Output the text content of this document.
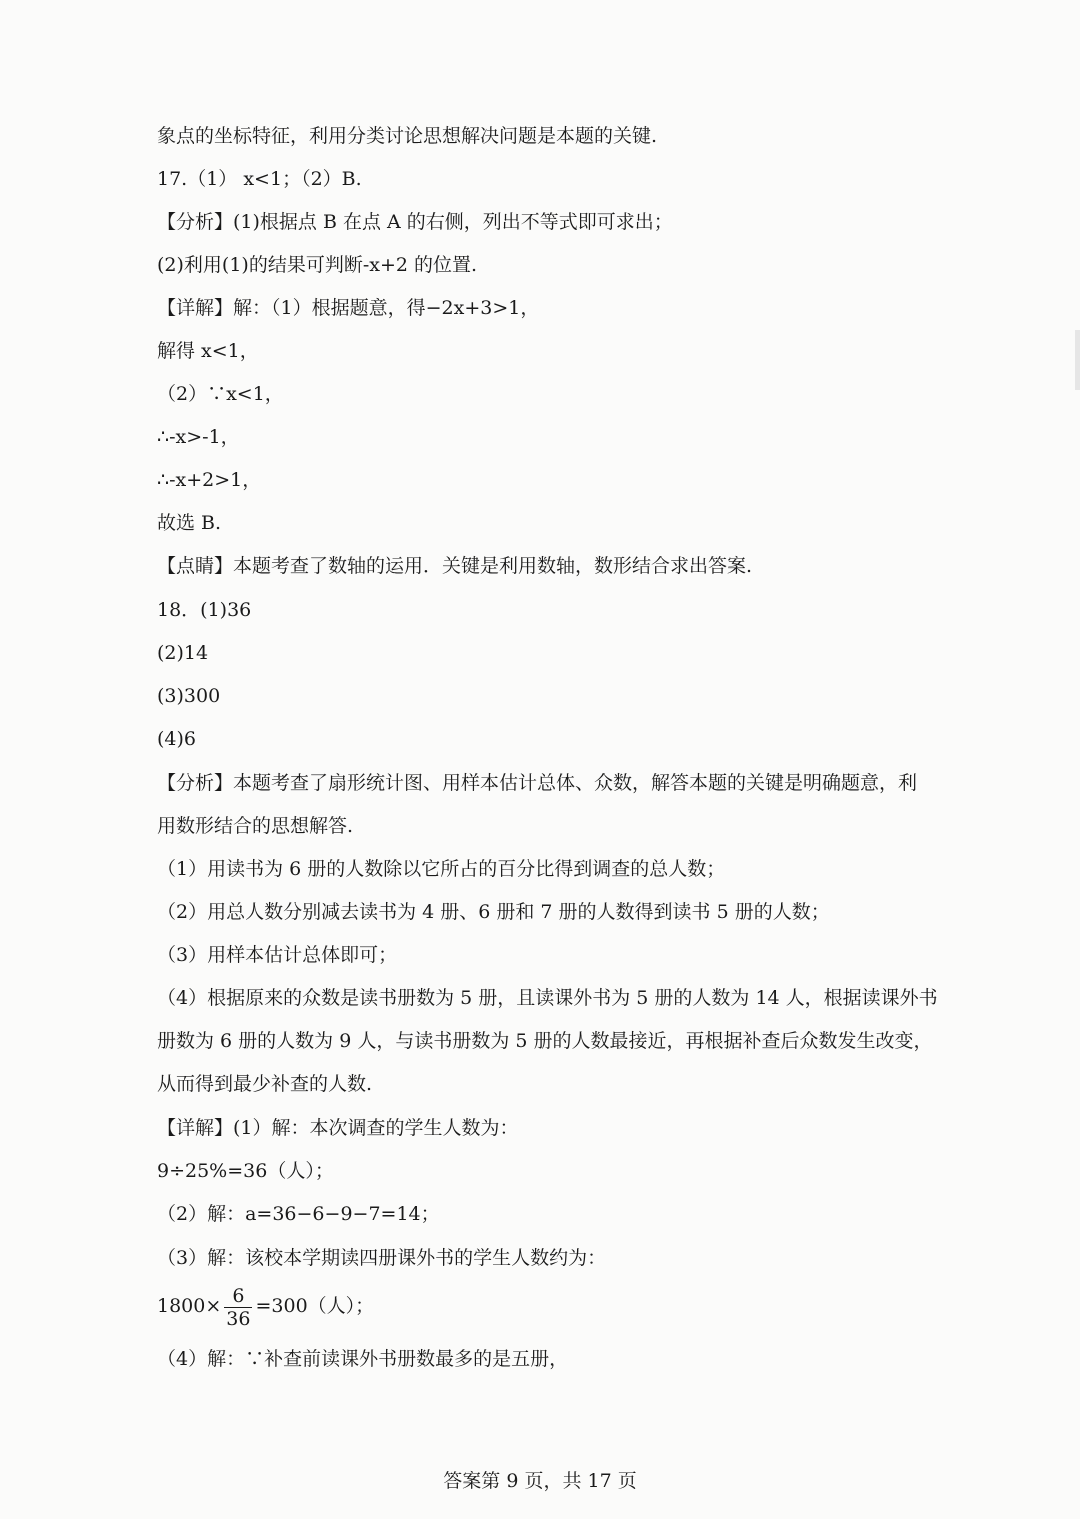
象点的坐标特征，利用分类讨论思想解决问题是本题的关键.
17.（1） x<1；（2）B.
【分析】(1)根据点 B 在点 A 的右侧，列出不等式即可求出；
(2)利用(1)的结果可判断-x+2 的位置.
【详解】解：（1）根据题意，得−2x+3>1，
解得 x<1，
（2）∵x<1，
∴-x>-1，
∴-x+2>1，
故选 B.
【点睛】本题考查了数轴的运用．关键是利用数轴，数形结合求出答案.
18．(1)36
(2)14
(3)300
(4)6
【分析】本题考查了扇形统计图、用样本估计总体、众数，解答本题的关键是明确题意，利
用数形结合的思想解答.
（1）用读书为 6 册的人数除以它所占的百分比得到调查的总人数；
（2）用总人数分别减去读书为 4 册、6 册和 7 册的人数得到读书 5 册的人数；
（3）用样本估计总体即可；
（4）根据原来的众数是读书册数为 5 册，且读课外书为 5 册的人数为 14 人，根据读课外书
册数为 6 册的人数为 9 人，与读书册数为 5 册的人数最接近，再根据补查后众数发生改变，
从而得到最少补查的人数.
【详解】(1）解：本次调查的学生人数为：
9÷25%=36（人）；
（2）解：a=36−6−9−7=14；
（3）解：该校本学期读四册课外书的学生人数约为：
$1800\times \frac{6}{36} =300$（人）；
（4）解：∵补查前读课外书册数最多的是五册，
答案第 9 页，共 17 页
